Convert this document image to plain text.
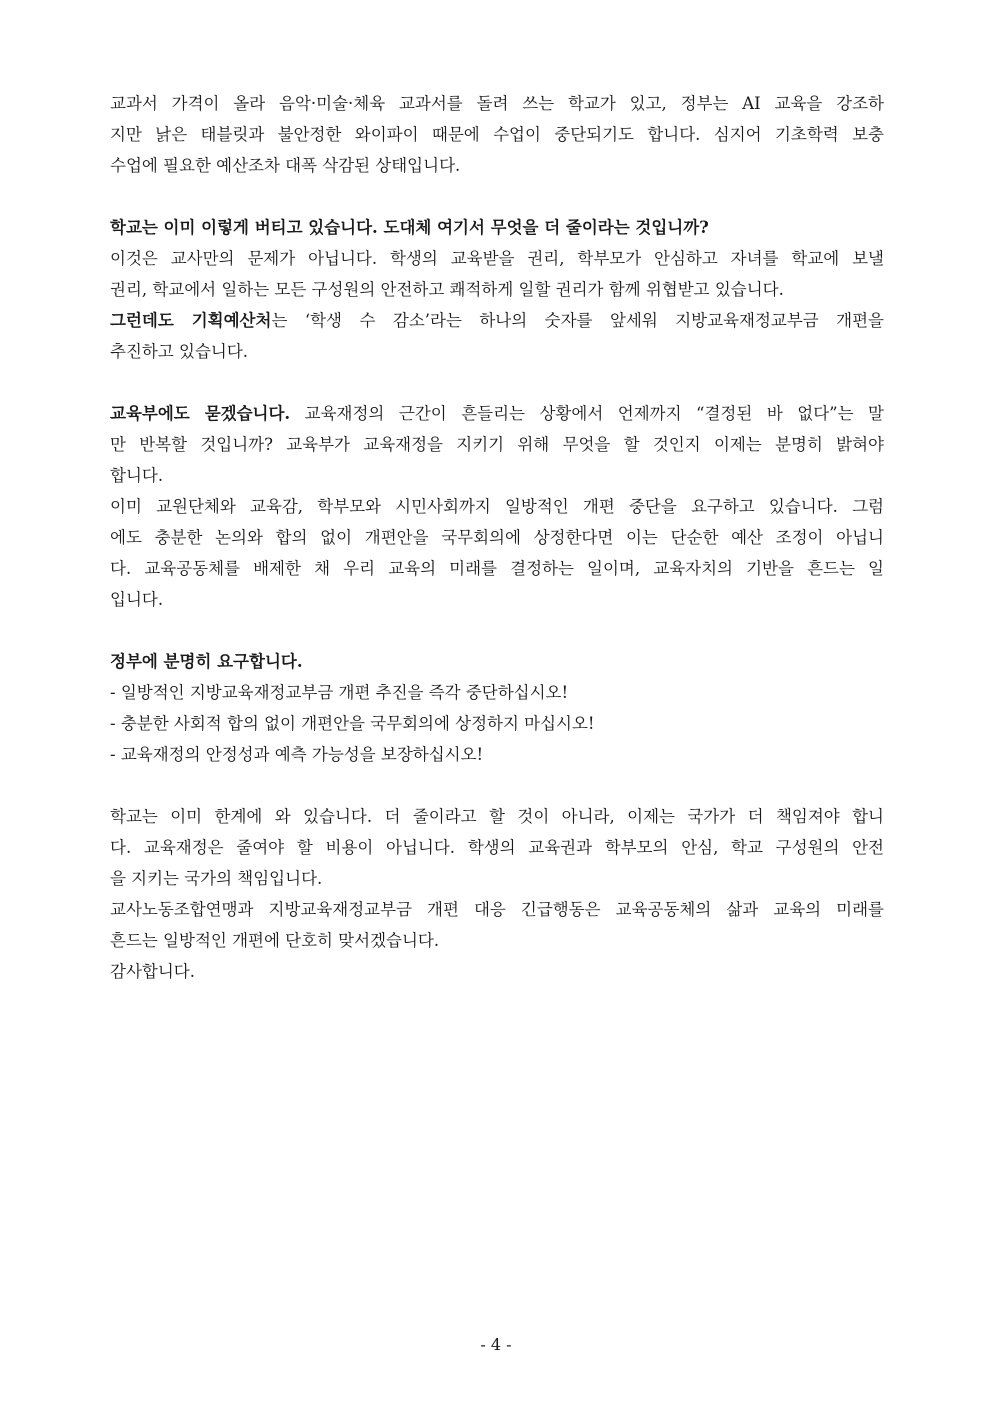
교과서 가격이 올라 음악·미술·체육 교과서를 돌려 쓰는 학교가 있고, 정부는 AI 교육을 강조하
지만 낡은 태블릿과 불안정한 와이파이 때문에 수업이 중단되기도 합니다. 심지어 기초학력 보충
수업에 필요한 예산조차 대폭 삭감된 상태입니다.
학교는 이미 이렇게 버티고 있습니다. 도대체 여기서 무엇을 더 줄이라는 것입니까?
이것은 교사만의 문제가 아닙니다. 학생의 교육받을 권리, 학부모가 안심하고 자녀를 학교에 보낼
권리, 학교에서 일하는 모든 구성원의 안전하고 쾌적하게 일할 권리가 함께 위협받고 있습니다.
그런데도 기획예산처는 ‘학생 수 감소’라는 하나의 숫자를 앞세워 지방교육재정교부금 개편을
추진하고 있습니다.
교육부에도 묻겠습니다. 교육재정의 근간이 흔들리는 상황에서 언제까지 “결정된 바 없다”는 말
만 반복할 것입니까? 교육부가 교육재정을 지키기 위해 무엇을 할 것인지 이제는 분명히 밝혀야
합니다.
이미 교원단체와 교육감, 학부모와 시민사회까지 일방적인 개편 중단을 요구하고 있습니다. 그럼
에도 충분한 논의와 합의 없이 개편안을 국무회의에 상정한다면 이는 단순한 예산 조정이 아닙니
다. 교육공동체를 배제한 채 우리 교육의 미래를 결정하는 일이며, 교육자치의 기반을 흔드는 일
입니다.
정부에 분명히 요구합니다.
- 일방적인 지방교육재정교부금 개편 추진을 즉각 중단하십시오!
- 충분한 사회적 합의 없이 개편안을 국무회의에 상정하지 마십시오!
- 교육재정의 안정성과 예측 가능성을 보장하십시오!
학교는 이미 한계에 와 있습니다. 더 줄이라고 할 것이 아니라, 이제는 국가가 더 책임져야 합니
다. 교육재정은 줄여야 할 비용이 아닙니다. 학생의 교육권과 학부모의 안심, 학교 구성원의 안전
을 지키는 국가의 책임입니다.
교사노동조합연맹과 지방교육재정교부금 개편 대응 긴급행동은 교육공동체의 삶과 교육의 미래를
흔드는 일방적인 개편에 단호히 맞서겠습니다.
감사합니다.
- 4 -
